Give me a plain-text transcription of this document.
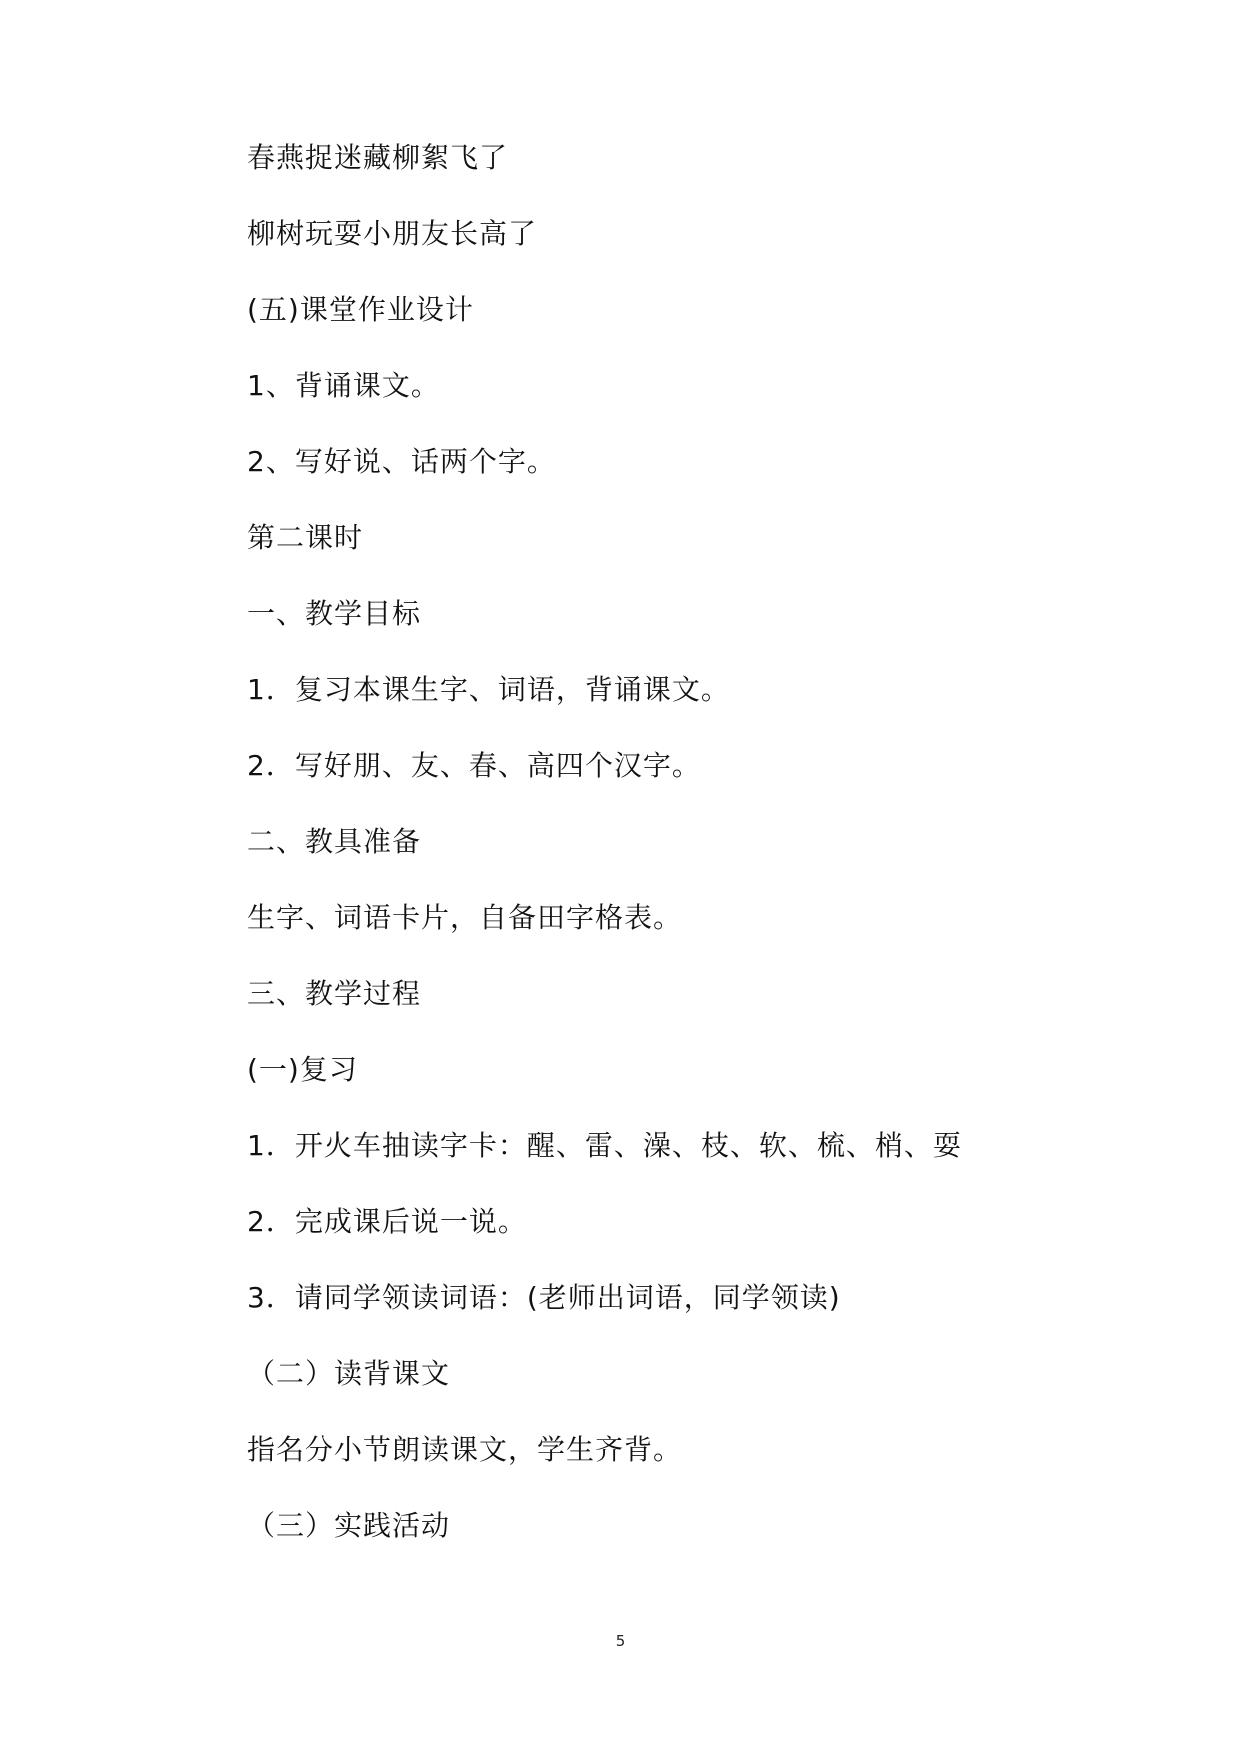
春燕捉迷藏柳絮飞了
柳树玩耍小朋友长高了
(五)课堂作业设计
1、背诵课文。
2、写好说、话两个字。
第二课时
一、教学目标
1．复习本课生字、词语，背诵课文。
2．写好朋、友、春、高四个汉字。
二、教具准备
生字、词语卡片，自备田字格表。
三、教学过程
(一)复习
1．开火车抽读字卡：醒、雷、澡、枝、软、梳、梢、耍
2．完成课后说一说。
3．请同学领读词语：(老师出词语，同学领读)
（二）读背课文
指名分小节朗读课文，学生齐背。
（三）实践活动
5
